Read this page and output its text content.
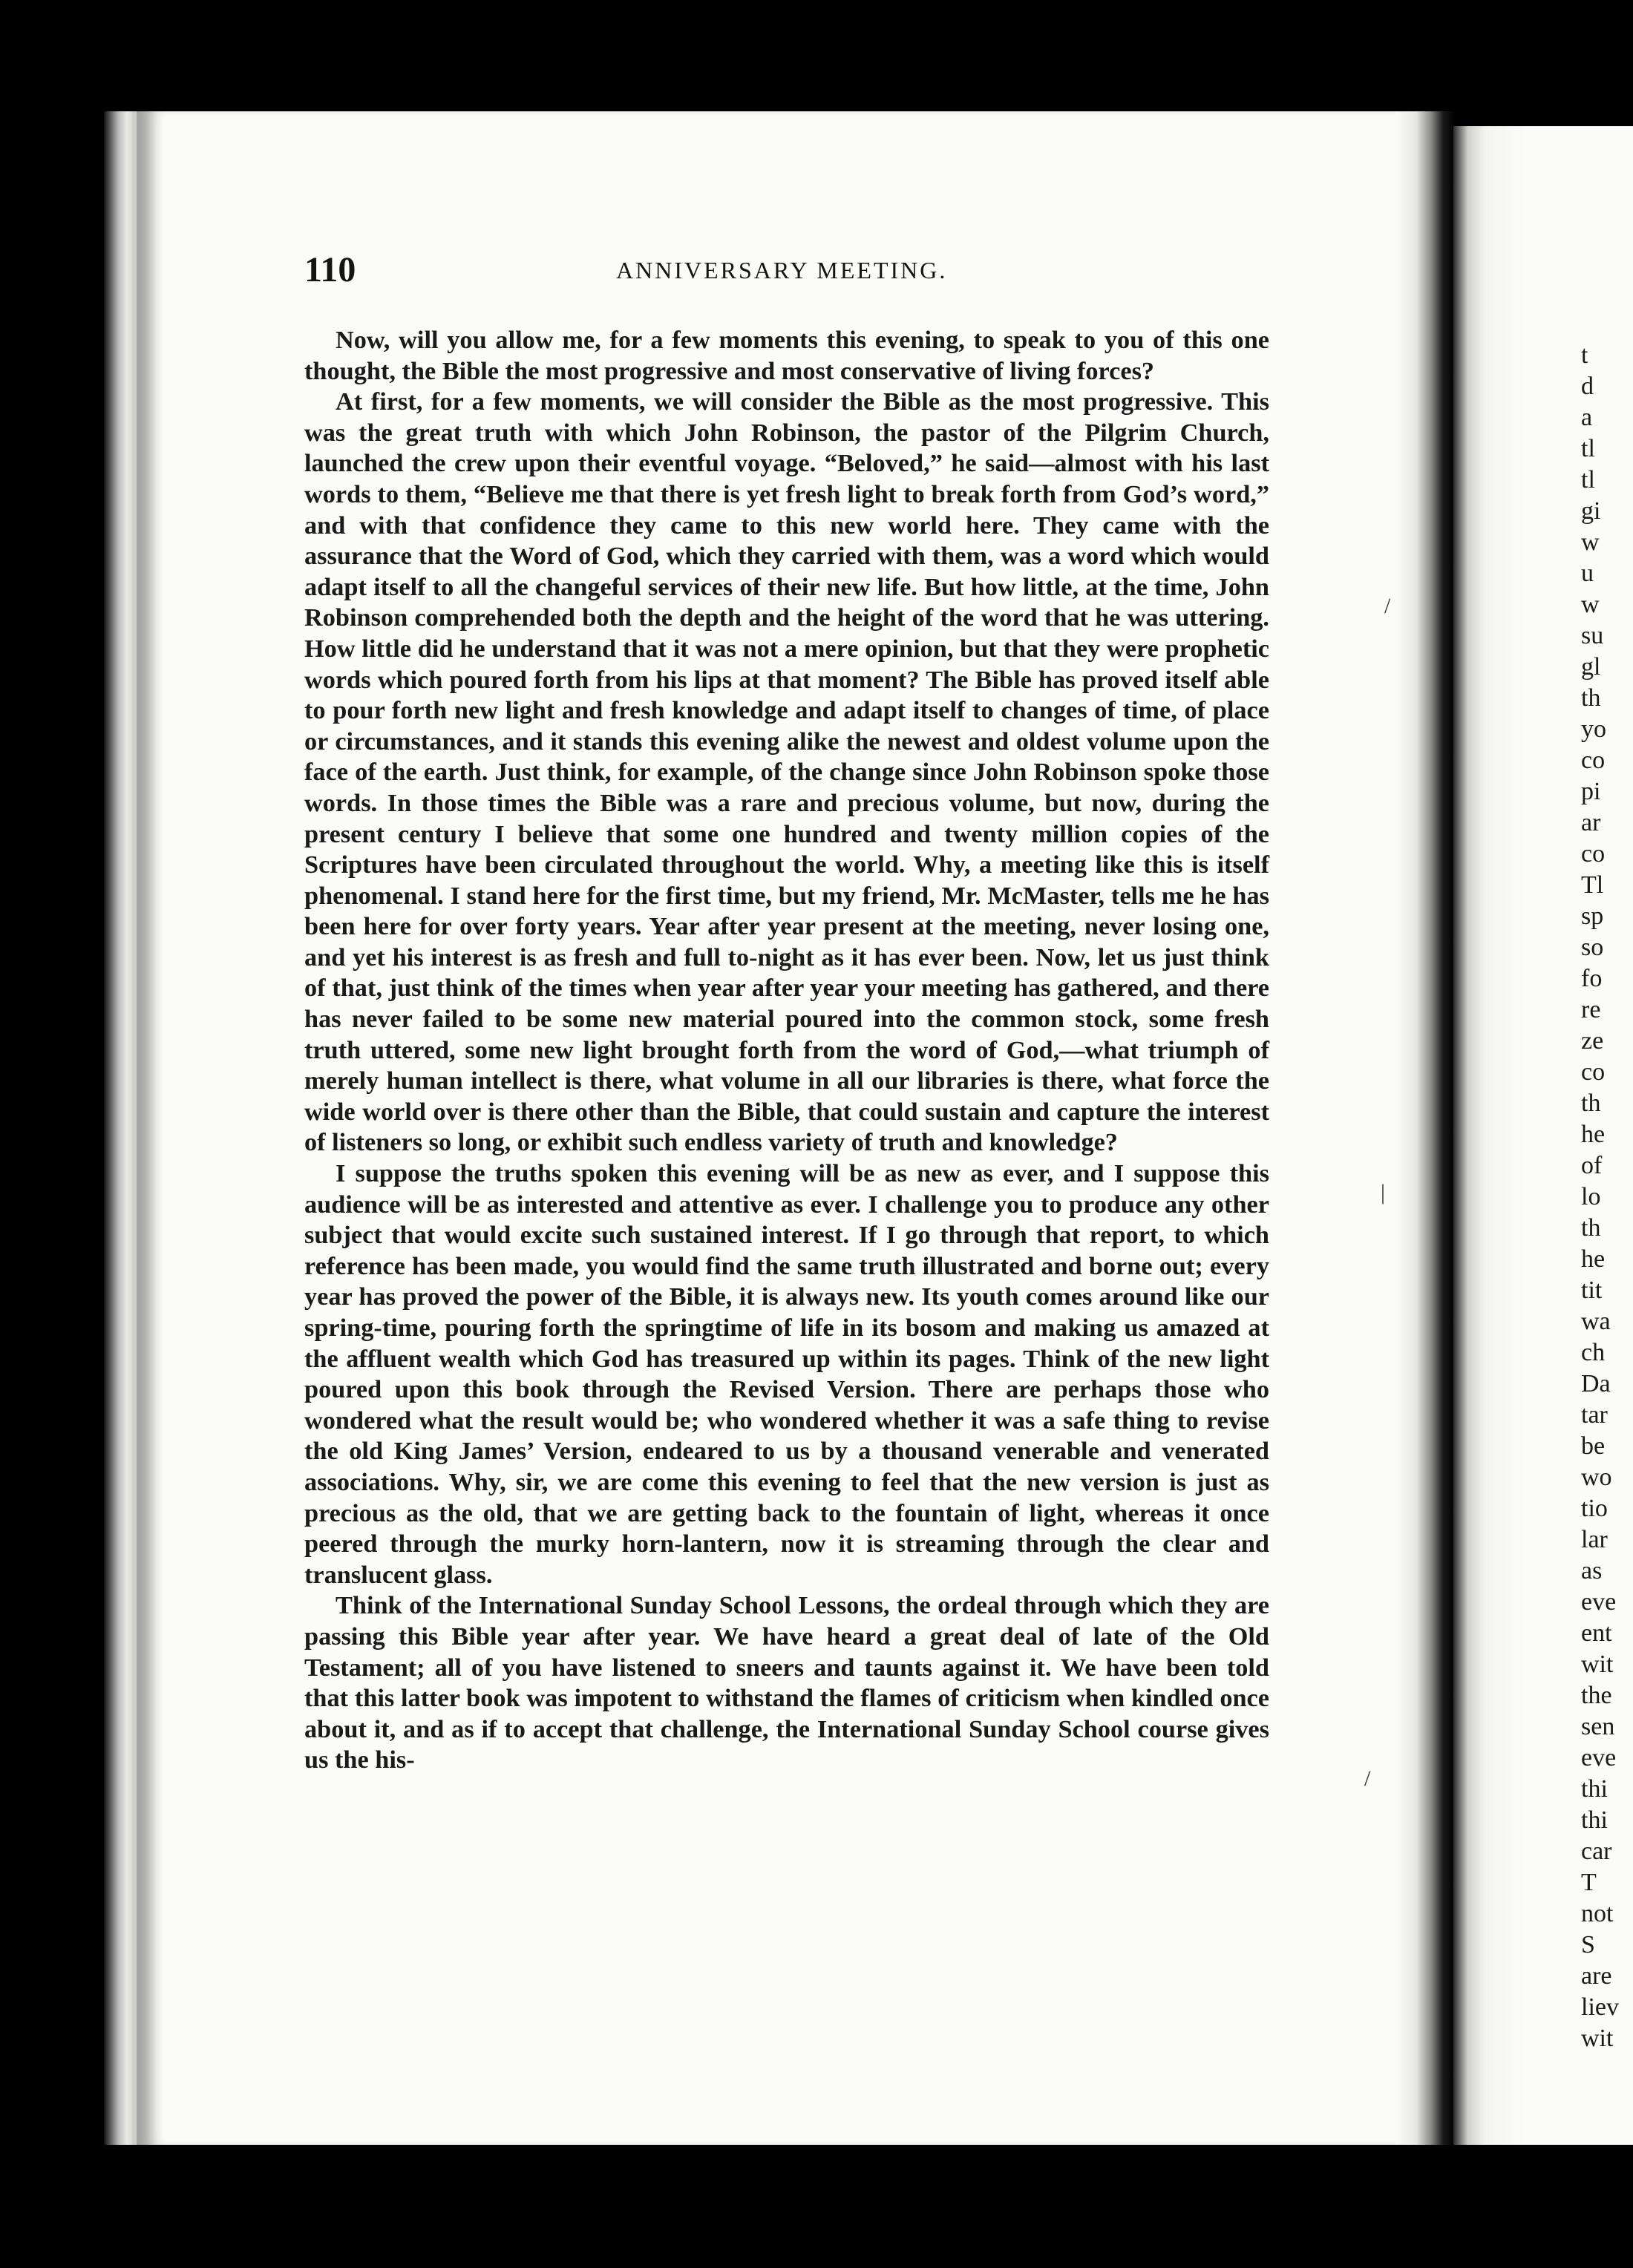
110	ANNIVERSARY MEETING.

Now, will you allow me, for a few moments this evening, to speak to you of this one thought, the Bible the most progressive and most conservative of living forces?

At first, for a few moments, we will consider the Bible as the most progressive. This was the great truth with which John Robinson, the pastor of the Pilgrim Church, launched the crew upon their eventful voyage. “Beloved,” he said—almost with his last words to them, “Believe me that there is yet fresh light to break forth from God’s word,” and with that confidence they came to this new world here. They came with the assurance that the Word of God, which they carried with them, was a word which would adapt itself to all the changeful services of their new life. But how little, at the time, John Robinson comprehended both the depth and the height of the word that he was uttering. How little did he understand that it was not a mere opinion, but that they were prophetic words which poured forth from his lips at that moment? The Bible has proved itself able to pour forth new light and fresh knowledge and adapt itself to changes of time, of place or circumstances, and it stands this evening alike the newest and oldest volume upon the face of the earth. Just think, for example, of the change since John Robinson spoke those words. In those times the Bible was a rare and precious volume, but now, during the present century I believe that some one hundred and twenty million copies of the Scriptures have been circulated throughout the world. Why, a meeting like this is itself phenomenal. I stand here for the first time, but my friend, Mr. McMaster, tells me he has been here for over forty years. Year after year present at the meeting, never losing one, and yet his interest is as fresh and full to-night as it has ever been. Now, let us just think of that, just think of the times when year after year your meeting has gathered, and there has never failed to be some new material poured into the common stock, some fresh truth uttered, some new light brought forth from the word of God,—what triumph of merely human intellect is there, what volume in all our libraries is there, what force the wide world over is there other than the Bible, that could sustain and capture the interest of listeners so long, or exhibit such endless variety of truth and knowledge?

I suppose the truths spoken this evening will be as new as ever, and I suppose this audience will be as interested and attentive as ever. I challenge you to produce any other subject that would excite such sustained interest. If I go through that report, to which reference has been made, you would find the same truth illustrated and borne out; every year has proved the power of the Bible, it is always new. Its youth comes around like our spring-time, pouring forth the springtime of life in its bosom and making us amazed at the affluent wealth which God has treasured up within its pages. Think of the new light poured upon this book through the Revised Version. There are perhaps those who wondered what the result would be; who wondered whether it was a safe thing to revise the old King James’ Version, endeared to us by a thousand venerable and venerated associations. Why, sir, we are come this evening to feel that the new version is just as precious as the old, that we are getting back to the fountain of light, whereas it once peered through the murky horn-lantern, now it is streaming through the clear and translucent glass.

Think of the International Sunday School Lessons, the ordeal through which they are passing this Bible year after year. We have heard a great deal of late of the Old Testament; all of you have listened to sneers and taunts against it. We have been told that this latter book was impotent to withstand the flames of criticism when kindled once about it, and as if to accept that challenge, the International Sunday School course gives us the his-

t
d
a
tl
tl
gi
w
u
w
su
gl
th
yo
co
pi
ar
co
Tl
sp
so
fo
re
ze
co
th
he
of
lo
th
he
tit
wa
ch
Da
tar
be
wo
tio
lar
as
eve
ent
wit
the
sen
eve
thi
thi
car
T
not
S
are
liev
wit
/
|
/
